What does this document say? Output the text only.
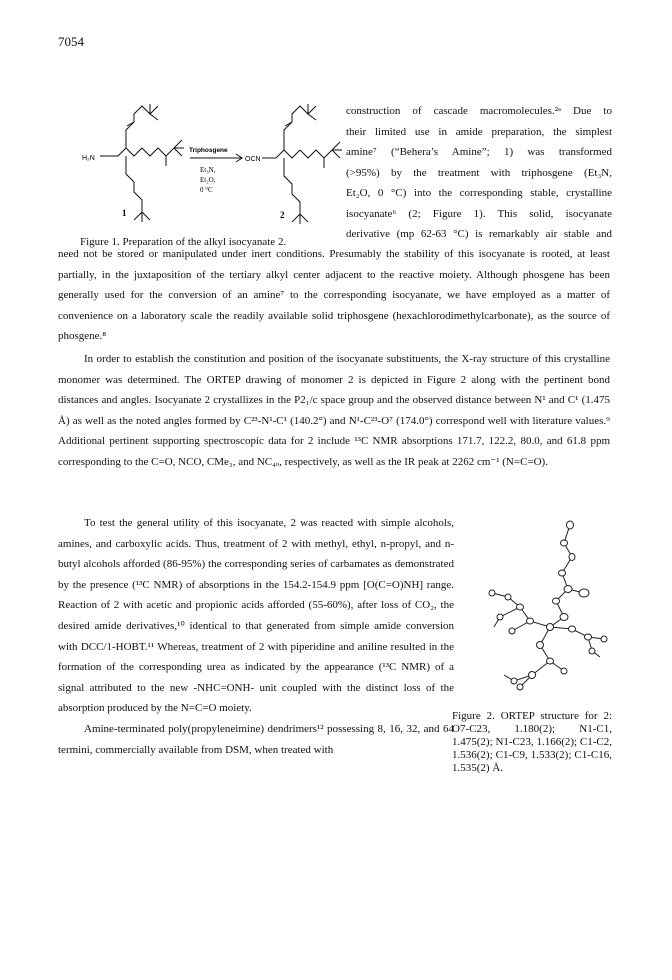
7054
H₂N
Triphosgene
Et₃N,
Et₂O,
0 °C
OCN
1	2
Figure 1. Preparation of the alkyl isocyanate 2.

construction of cascade macromolecules.²ᵃ Due to

their limited use in amide preparation, the simplest

amine⁷ (“Behera’s Amine”; 1) was transformed

(>95%) by the treatment with triphosgene (Et₃N,

Et₂O, 0 °C) into the corresponding stable, crystalline

isocyanate⁶ (2; Figure 1). This solid, isocyanate

derivative (mp 62-63 °C) is remarkably air stable and

need not be stored or manipulated under inert conditions. Presumably the stability of this isocyanate is rooted, at least partially, in the juxtaposition of the tertiary alkyl center adjacent to the reactive moiety. Although phosgene has been generally used for the conversion of an amine⁷ to the corresponding isocyanate, we have employed as a matter of convenience on a laboratory scale the readily available solid triphosgene (hexachlorodimethylcarbonate), as the source of phosgene.⁸

In order to establish the constitution and position of the isocyanate substituents, the X-ray structure of this crystalline monomer was determined. The ORTEP drawing of monomer 2 is depicted in Figure 2 along with the pertinent bond distances and angles. Isocyanate 2 crystallizes in the P2₁/c space group and the observed distance between N¹ and C¹ (1.475 Å) as well as the noted angles formed by C²³-N¹-C¹ (140.2°) and N¹-C²³-O⁷ (174.0°) correspond well with literature values.⁹ Additional pertinent supporting spectroscopic data for 2 include ¹³C NMR absorptions 171.7, 122.2, 80.0, and 61.8 ppm corresponding to the C=O, NCO, CMe₃, and NC₄ₒ, respectively, as well as the IR peak at 2262 cm⁻¹ (N=C=O).

To test the general utility of this isocyanate, 2 was reacted with simple alcohols, amines, and carboxylic acids. Thus, treatment of 2 with methyl, ethyl, n-propyl, and n-butyl alcohols afforded (86-95%) the corresponding series of carbamates as demonstrated by the presence (¹³C NMR) of absorptions in the 154.2-154.9 ppm [O(C=O)NH] range. Reaction of 2 with acetic and propionic acids afforded (55-60%), after loss of CO₂, the desired amide derivatives,¹⁰ identical to that generated from simple amide conversion with DCC/1-HOBT.¹¹ Whereas, treatment of 2 with piperidine and aniline resulted in the formation of the corresponding urea as indicated by the appearance (¹³C NMR) of a signal attributed to the new -NHC=ONH- unit coupled with the distinct loss of the absorption produced by the N=C=O moiety.

Amine-terminated poly(propyleneimine) dendrimers¹² possessing 8, 16, 32, and 64 termini, commercially available from DSM, when treated with

Figure 2. ORTEP structure for 2: O7-C23, 1.180(2); N1-C1, 1.475(2); N1-C23, 1.166(2); C1-C2, 1.536(2); C1-C9, 1.533(2); C1-C16, 1.535(2) Å.
